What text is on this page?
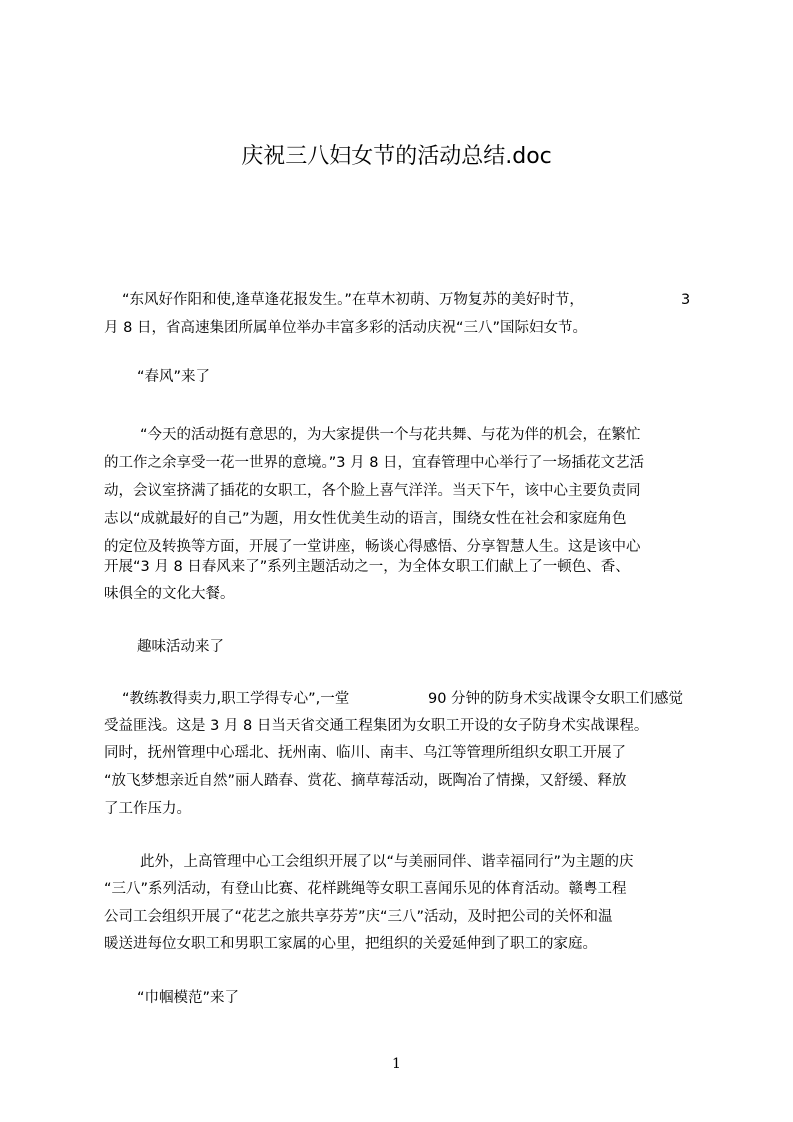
庆祝三八妇女节的活动总结.doc
“东风好作阳和使,逢草逢花报发生。”在草木初萌、万物复苏的美好时节，	3
月 8 日，省高速集团所属单位举办丰富多彩的活动庆祝“三八”国际妇女节。
“春风”来了
“今天的活动挺有意思的，为大家提供一个与花共舞、与花为伴的机会，在繁忙
的工作之余享受一花一世界的意境。”3 月 8 日，宜春管理中心举行了一场插花文艺活
动，会议室挤满了插花的女职工，各个脸上喜气洋洋。当天下午，该中心主要负责同
志以“成就最好的自己”为题，用女性优美生动的语言，围绕女性在社会和家庭角色
的定位及转换等方面，开展了一堂讲座，畅谈心得感悟、分享智慧人生。这是该中心
开展“3 月 8 日春风来了”系列主题活动之一，为全体女职工们献上了一顿色、香、
味俱全的文化大餐。
趣味活动来了
“教练教得卖力,职工学得专心”,一堂	90 分钟的防身术实战课令女职工们感觉
受益匪浅。这是 3 月 8 日当天省交通工程集团为女职工开设的女子防身术实战课程。
同时，抚州管理中心瑶北、抚州南、临川、南丰、乌江等管理所组织女职工开展了
“放飞梦想亲近自然”丽人踏春、赏花、摘草莓活动，既陶冶了情操，又舒缓、释放
了工作压力。
此外，上高管理中心工会组织开展了以“与美丽同伴、谐幸福同行”为主题的庆
“三八”系列活动，有登山比赛、花样跳绳等女职工喜闻乐见的体育活动。赣粤工程
公司工会组织开展了“花艺之旅共享芬芳”庆“三八”活动，及时把公司的关怀和温
暖送进每位女职工和男职工家属的心里，把组织的关爱延伸到了职工的家庭。
“巾帼模范”来了
1
